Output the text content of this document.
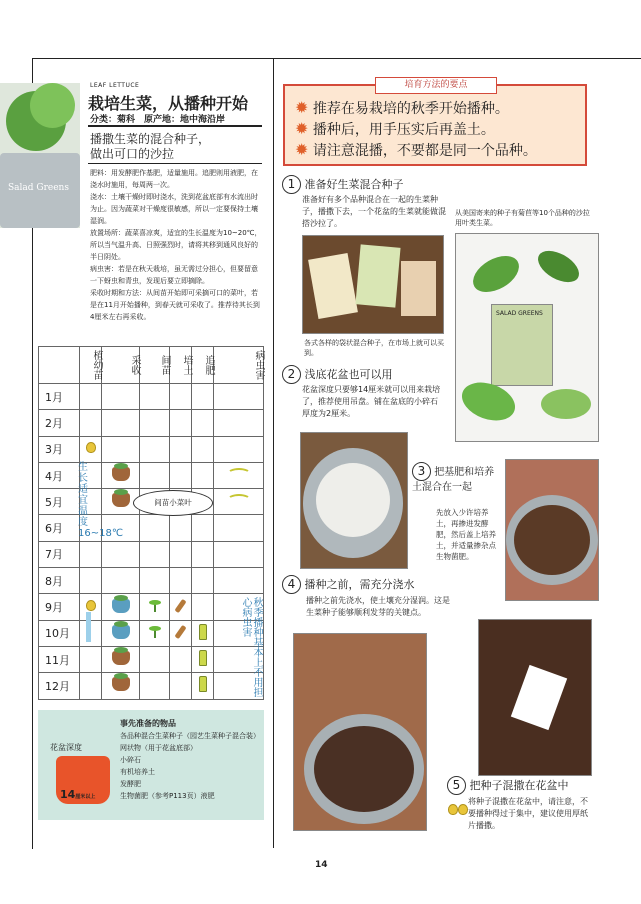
Salad Greens
LEAF LETTUCE
栽培生菜，从播种开始
分类：菊科　原产地：地中海沿岸
播撒生菜的混合种子，
做出可口的沙拉
肥料：用发酵肥作基肥，适量施用。追肥则用液肥，在浇水时施用，每周两一次。
浇水：土壤干燥时即时浇水，洗到花盆底部有水流出时为止。因为蔬菜对干燥度很敏感，所以一定要保持土壤湿润。
放置场所：蔬菜喜凉爽，适宜的生长温度为10~20℃，所以当气温升高、日照强烈时，请将其移到通风良好的半日阴处。
病虫害：若是在秋天栽培，虽无需过分担心，但要留意一下蚜虫和青虫，发现后要立即摘除。
采收时期和方法：从间苗开始即可采摘可口的菜叶，若是在11月开始播种，到春天就可采收了。推荐待其长到4厘米左右再采收。
	植幼苗	采收	间苗	培土	追肥	病虫害
1月						
2月						
3月						
4月						
5月						
6月						
7月						
8月						
9月						
10月						
11月						
12月						
生长适宜温度16~18℃
间苗小菜叶
秋季播种基本上不用担心病虫害
花盆深度
14厘米以上
事先准备的物品
各品种混合生菜种子（园艺生菜种子混合装）
网状物（用于花盆底部）
小碎石
有机培养土
发酵肥
生物菌肥（参考P113页）液肥
培育方法的要点
✹ 推荐在易栽培的秋季开始播种。
✹ 播种后，用手压实后再盖土。
✹ 请注意混播，不要都是同一个品种。
1 准备好生菜混合种子
准备好有多个品种混合在一起的生菜种子，播撒下去，一个花盆的生菜就能做混搭沙拉了。
各式各样的袋状混合种子，在市场上就可以买到。
从美国寄来的种子有菊苣等10个品种的沙拉用叶类生菜。
SALAD GREENS
2 浅底花盆也可以用
花盆深度只要够14厘米就可以用来栽培了，推荐使用吊盘。铺在盆底的小碎石厚度为2厘米。
3 把基肥和培养土混合在一起
先放入少许培养土，再掺进发酵肥，然后盖上培养土，并适量掺杂点生物菌肥。
4 播种之前，需充分浇水
播种之前先浇水，使土壤充分湿润。这是生菜种子能够顺利发芽的关键点。
5 把种子混撒在花盆中
将种子混撒在花盆中，请注意，不要播种得过于集中，建议使用厚纸片播撒。
14
